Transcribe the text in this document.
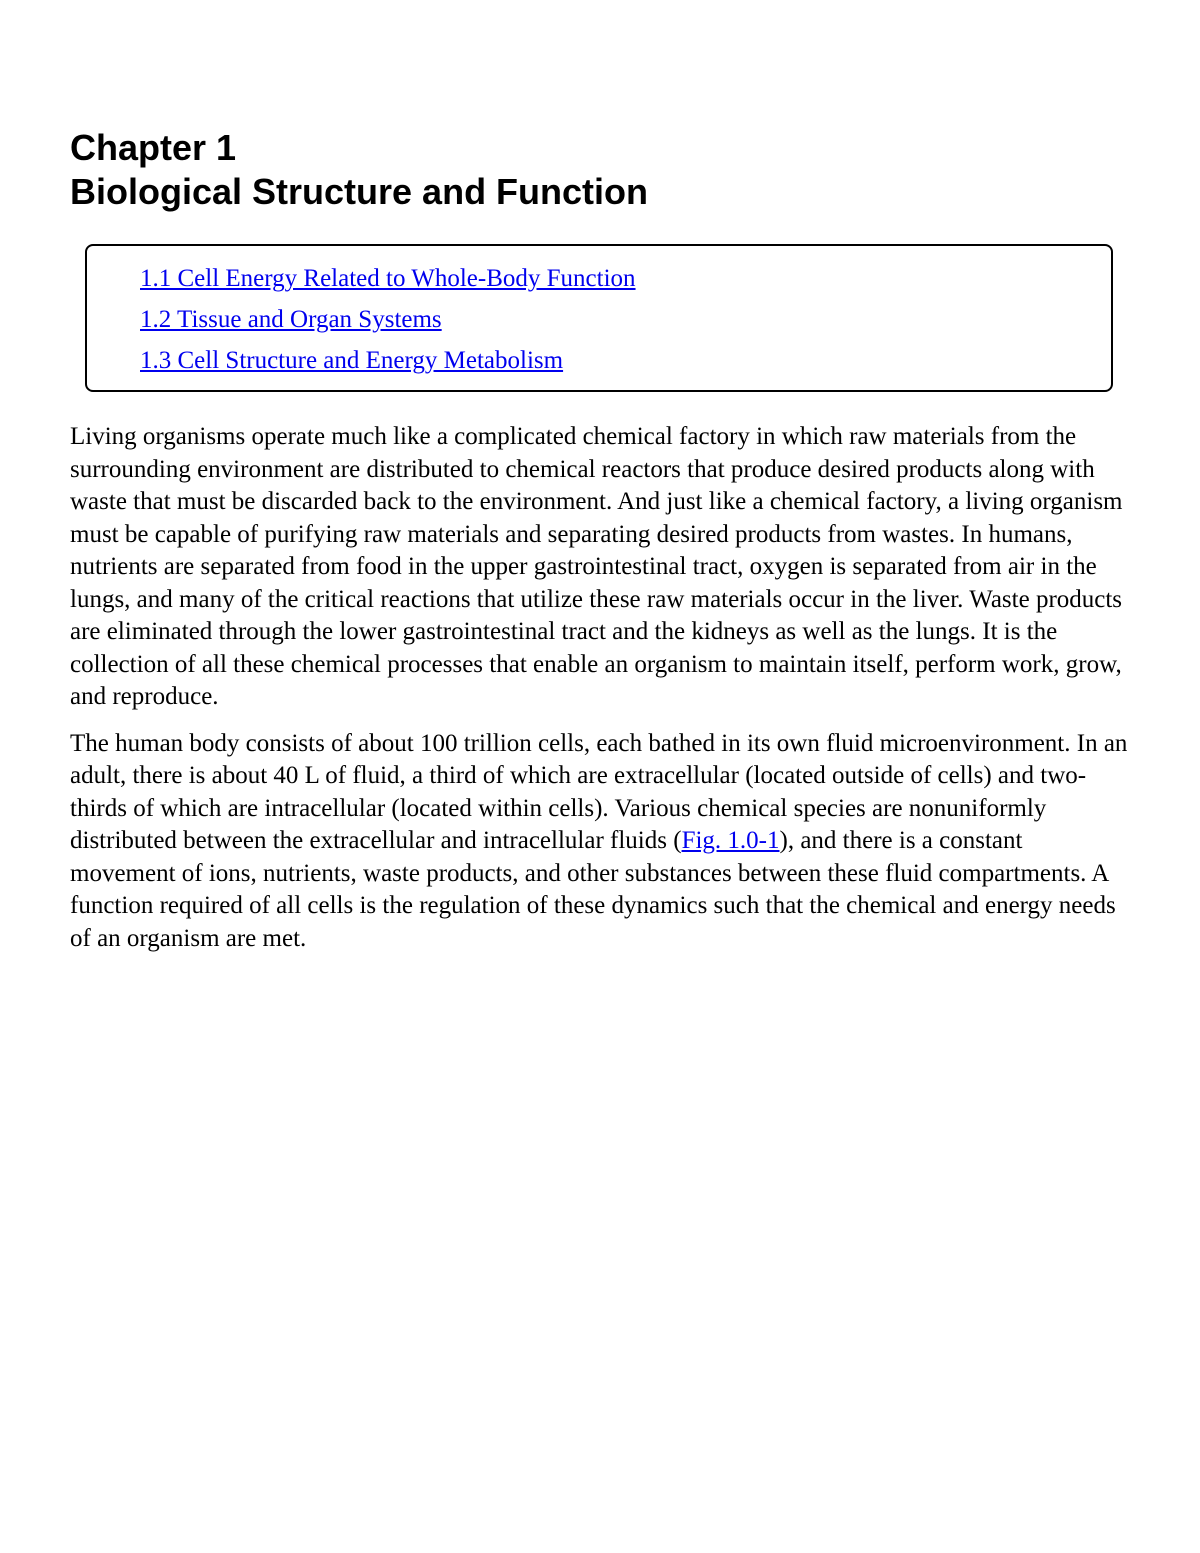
Chapter 1
Biological Structure and Function
1.1 Cell Energy Related to Whole-Body Function
1.2 Tissue and Organ Systems
1.3 Cell Structure and Energy Metabolism

Living organisms operate much like a complicated chemical factory in which raw materials from the surrounding environment are distributed to chemical reactors that produce desired products along with waste that must be discarded back to the environment. And just like a chemical factory, a living organism must be capable of purifying raw materials and separating desired products from wastes. In humans, nutrients are separated from food in the upper gastrointestinal tract, oxygen is separated from air in the lungs, and many of the critical reactions that utilize these raw materials occur in the liver. Waste products are eliminated through the lower gastrointestinal tract and the kidneys as well as the lungs. It is the collection of all these chemical processes that enable an organism to maintain itself, perform work, grow, and reproduce.

The human body consists of about 100 trillion cells, each bathed in its own fluid microenvironment. In an adult, there is about 40 L of fluid, a third of which are extracellular (located outside of cells) and two-thirds of which are intracellular (located within cells). Various chemical species are nonuniformly distributed between the extracellular and intracellular fluids (Fig. 1.0-1), and there is a constant movement of ions, nutrients, waste products, and other substances between these fluid compartments. A function required of all cells is the regulation of these dynamics such that the chemical and energy needs of an organism are met.
